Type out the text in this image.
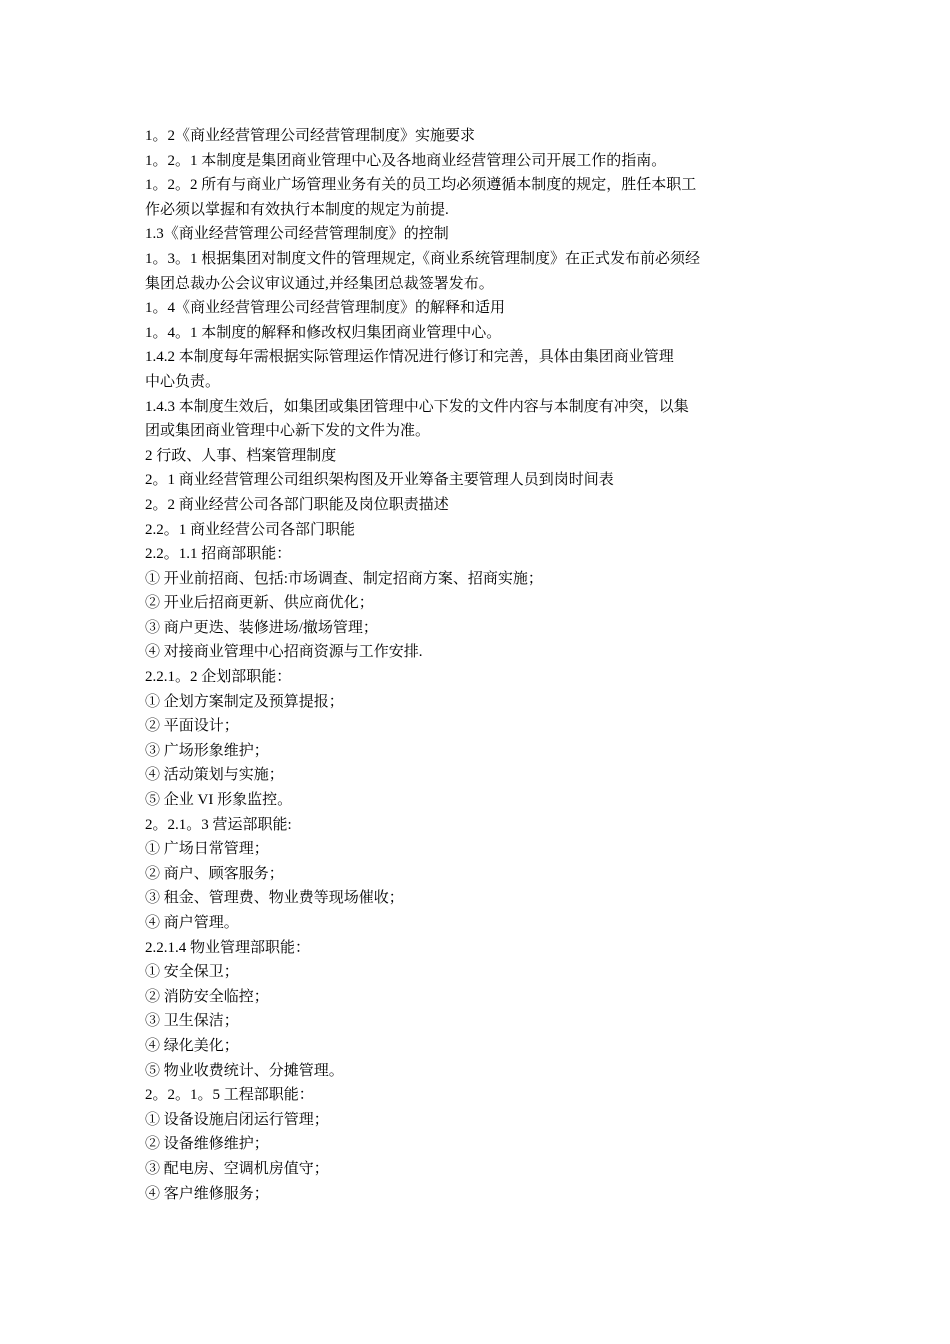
1。2《商业经营管理公司经营管理制度》实施要求
1。2。1 本制度是集团商业管理中心及各地商业经营管理公司开展工作的指南。
1。2。2 所有与商业广场管理业务有关的员工均必须遵循本制度的规定，胜任本职工
作必须以掌握和有效执行本制度的规定为前提.
1.3《商业经营管理公司经营管理制度》的控制
1。3。1 根据集团对制度文件的管理规定,《商业系统管理制度》在正式发布前必须经
集团总裁办公会议审议通过,并经集团总裁签署发布。
1。4《商业经营管理公司经营管理制度》的解释和适用
1。4。1 本制度的解释和修改权归集团商业管理中心。
1.4.2 本制度每年需根据实际管理运作情况进行修订和完善，具体由集团商业管理
中心负责。
1.4.3 本制度生效后，如集团或集团管理中心下发的文件内容与本制度有冲突，以集
团或集团商业管理中心新下发的文件为准。
2 行政、人事、档案管理制度
2。1 商业经营管理公司组织架构图及开业筹备主要管理人员到岗时间表
2。2 商业经营公司各部门职能及岗位职责描述
2.2。1 商业经营公司各部门职能
2.2。1.1 招商部职能：
① 开业前招商、包括:市场调查、制定招商方案、招商实施；
② 开业后招商更新、供应商优化；
③ 商户更迭、装修进场/撤场管理；
④ 对接商业管理中心招商资源与工作安排.
2.2.1。2 企划部职能：
① 企划方案制定及预算提报；
② 平面设计；
③ 广场形象维护；
④ 活动策划与实施；
⑤ 企业 VI 形象监控。
2。2.1。3 营运部职能:
① 广场日常管理；
② 商户、顾客服务；
③ 租金、管理费、物业费等现场催收；
④ 商户管理。
2.2.1.4 物业管理部职能：
① 安全保卫；
② 消防安全临控；
③ 卫生保洁；
④ 绿化美化；
⑤ 物业收费统计、分摊管理。
2。2。1。5 工程部职能：
① 设备设施启闭运行管理；
② 设备维修维护；
③ 配电房、空调机房值守；
④ 客户维修服务；
